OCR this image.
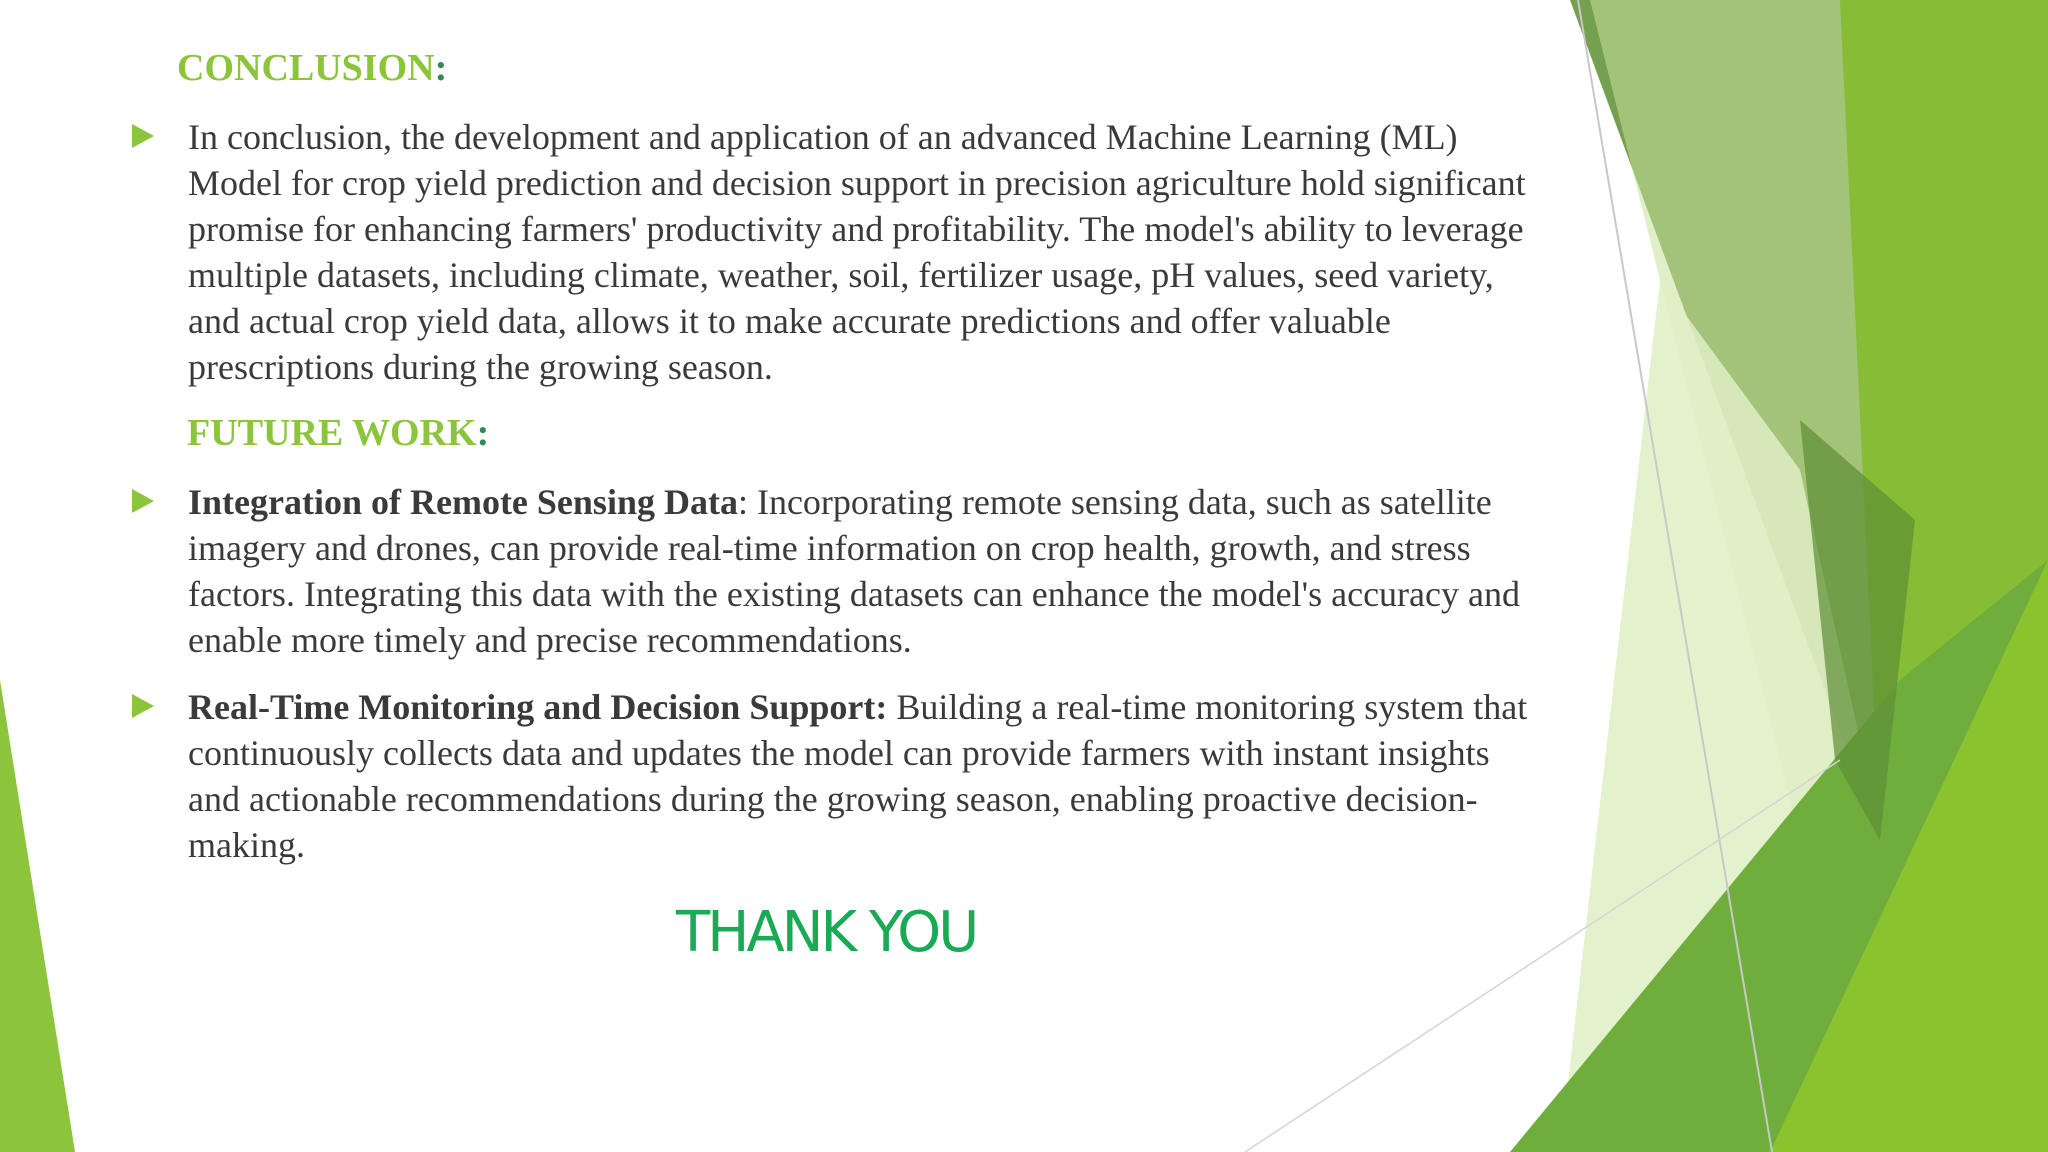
CONCLUSION:
In conclusion, the development and application of an advanced Machine Learning (ML) Model for crop yield prediction and decision support in precision agriculture hold significant promise for enhancing farmers' productivity and profitability. The model's ability to leverage multiple datasets, including climate, weather, soil, fertilizer usage, pH values, seed variety, and actual crop yield data, allows it to make accurate predictions and offer valuable prescriptions during the growing season.
FUTURE WORK:
Integration of Remote Sensing Data: Incorporating remote sensing data, such as satellite imagery and drones, can provide real-time information on crop health, growth, and stress factors. Integrating this data with the existing datasets can enhance the model's accuracy and enable more timely and precise recommendations.
Real-Time Monitoring and Decision Support: Building a real-time monitoring system that continuously collects data and updates the model can provide farmers with instant insights and actionable recommendations during the growing season, enabling proactive decision-making.
THANK YOU
